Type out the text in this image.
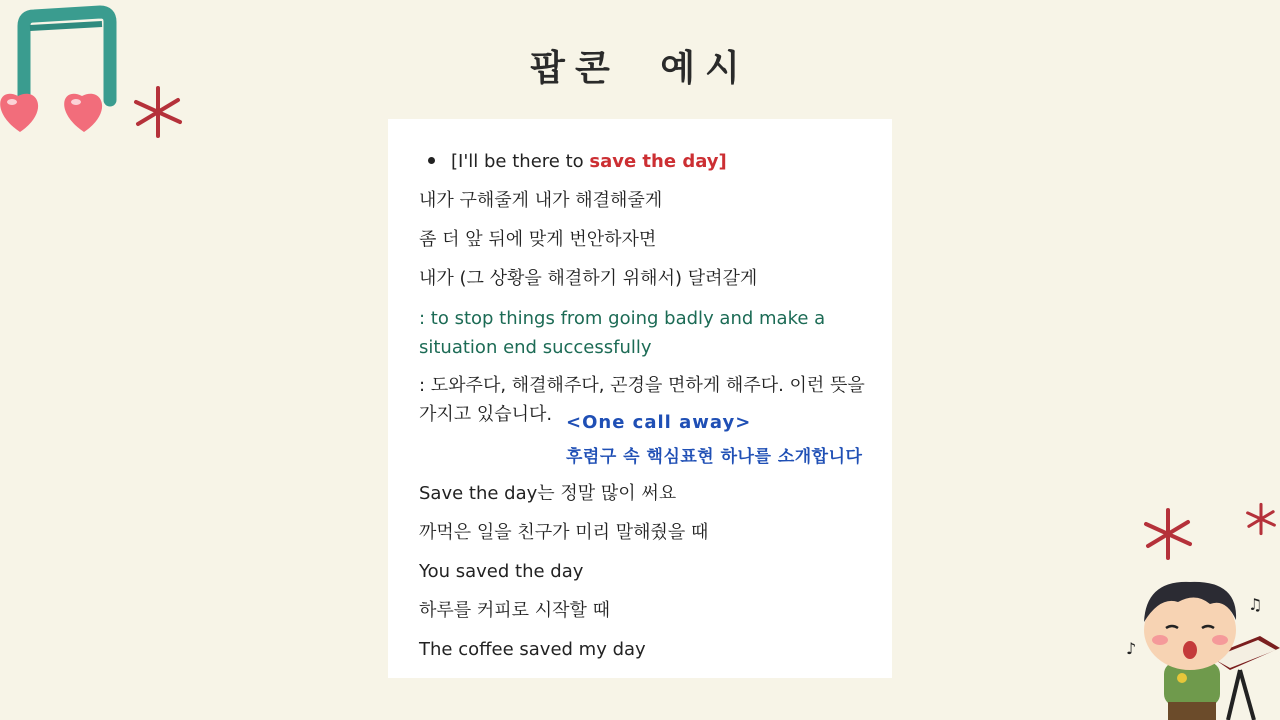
팝콘 예시
♫
♪
[I'll be there to save the day]
내가 구해줄게 내가 해결해줄게
좀 더 앞 뒤에 맞게 번안하자면
내가 (그 상황을 해결하기 위해서) 달려갈게
: to stop things from going badly and make a
situation end successfully
: 도와주다, 해결해주다, 곤경을 면하게 해주다. 이런 뜻을
가지고 있습니다.
Save the day는 정말 많이 써요
까먹은 일을 친구가 미리 말해줬을 때
You saved the day
하루를 커피로 시작할 때
The coffee saved my day
<One call away>
후렴구 속 핵심표현 하나를 소개합니다
